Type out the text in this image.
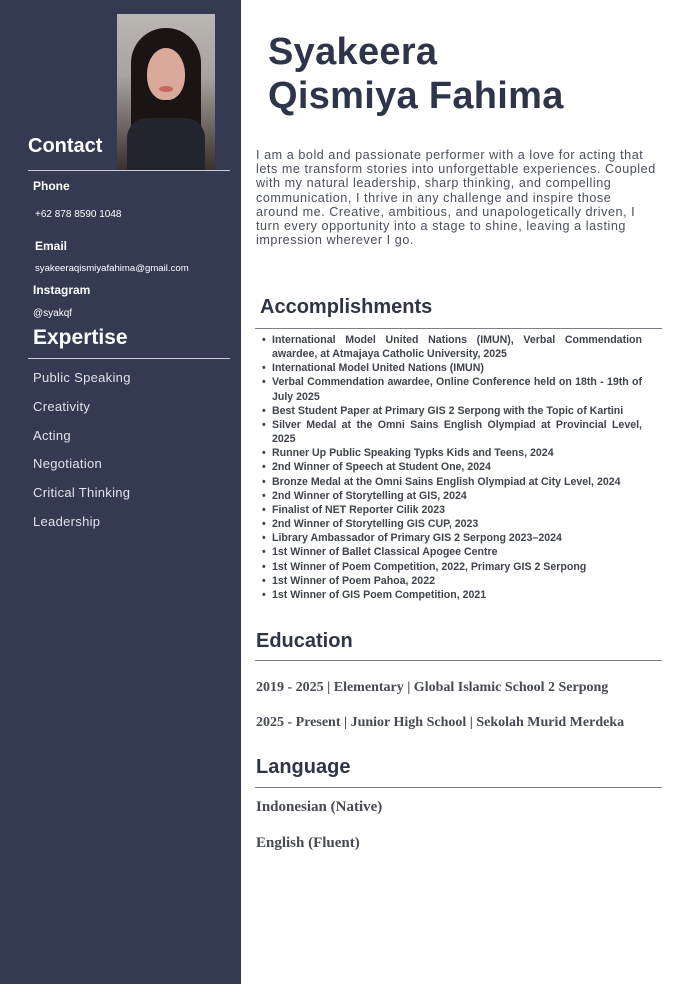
Contact
Phone
+62 878 8590 1048
Email
syakeeraqismiyafahima@gmail.com
Instagram
@syakqf
Expertise
Public Speaking
Creativity
Acting
Negotiation
Critical Thinking
Leadership
Syakeera
Qismiya Fahima

I am a bold and passionate performer with a love for acting that lets me transform stories into unforgettable experiences. Coupled with my natural leadership, sharp thinking, and compelling communication, I thrive in any challenge and inspire those around me. Creative, ambitious, and unapologetically driven, I turn every opportunity into a stage to shine, leaving a lasting impression wherever I go.

Accomplishments
• International Model United Nations (IMUN), Verbal Commendation awardee, at Atmajaya Catholic University, 2025
• International Model United Nations (IMUN)
• Verbal Commendation awardee, Online Conference held on 18th - 19th of July 2025
• Best Student Paper at Primary GIS 2 Serpong with the Topic of Kartini
• Silver Medal at the Omni Sains English Olympiad at Provincial Level, 2025
• Runner Up Public Speaking Typks Kids and Teens, 2024
• 2nd Winner of Speech at Student One, 2024
• Bronze Medal at the Omni Sains English Olympiad at City Level, 2024
• 2nd Winner of Storytelling at GIS, 2024
• Finalist of NET Reporter Cilik 2023
• 2nd Winner of Storytelling GIS CUP, 2023
• Library Ambassador of Primary GIS 2 Serpong 2023–2024
• 1st Winner of Ballet Classical Apogee Centre
• 1st Winner of Poem Competition, 2022, Primary GIS 2 Serpong
• 1st Winner of Poem Pahoa, 2022
• 1st Winner of GIS Poem Competition, 2021
Education
2019 - 2025 | Elementary | Global Islamic School 2 Serpong
2025 - Present | Junior High School | Sekolah Murid Merdeka
Language
Indonesian (Native)
English (Fluent)
